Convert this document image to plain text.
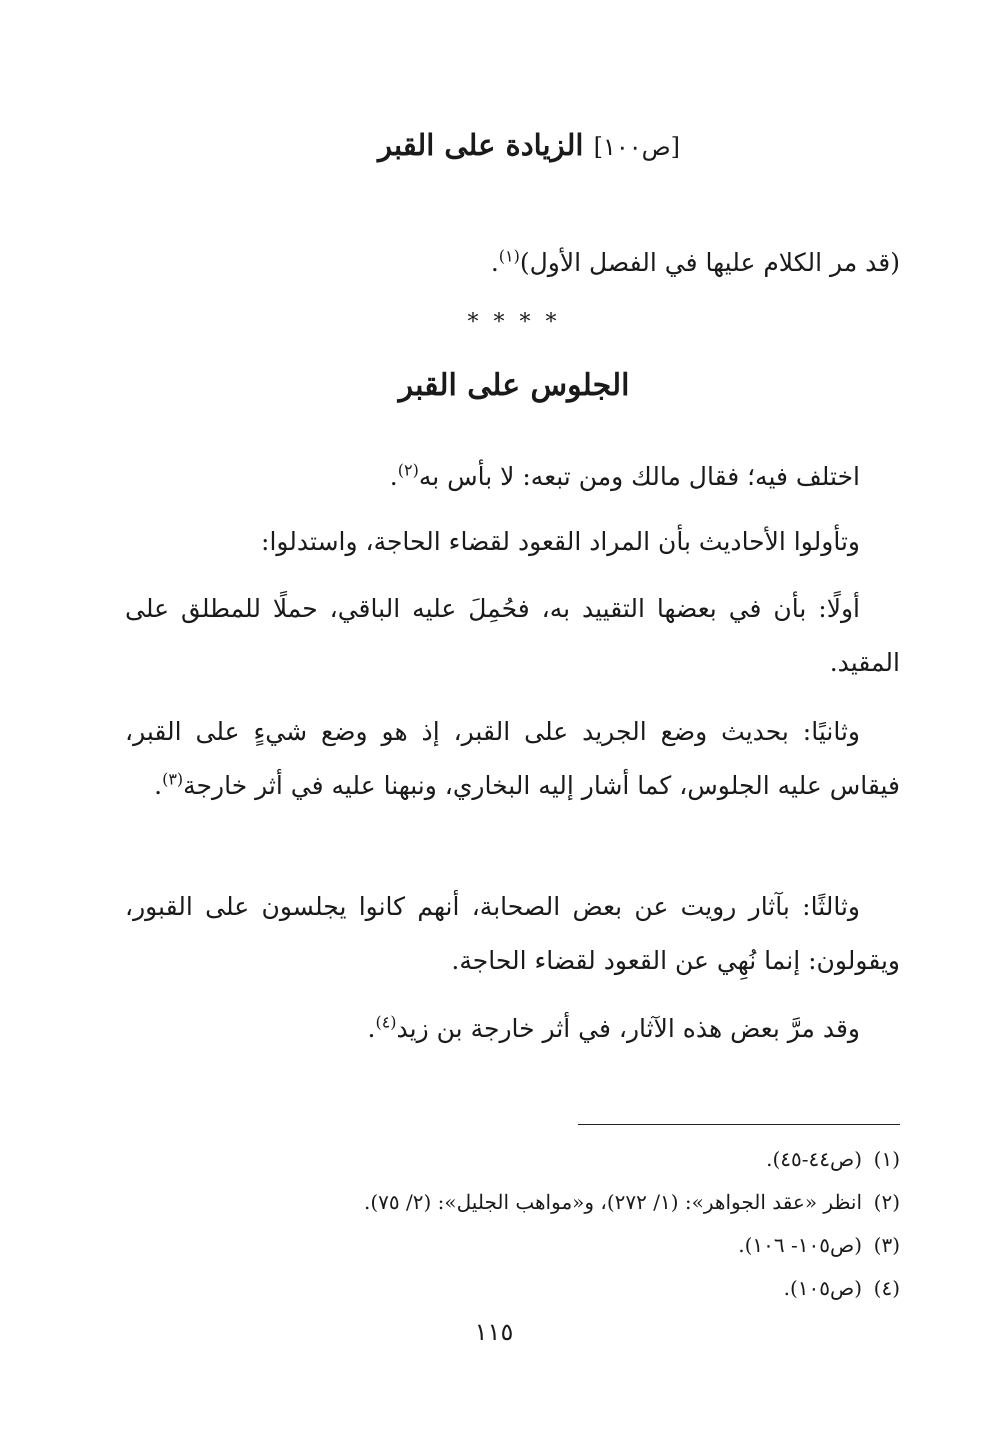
[ص١٠٠] الزيادة على القبر
(قد مر الكلام عليها في الفصل الأول)$^{(١)}$.
* * * *
الجلوس على القبر
اختلف فيه؛ فقال مالك ومن تبعه: لا بأس به$^{(٢)}$.
وتأولوا الأحاديث بأن المراد القعود لقضاء الحاجة، واستدلوا:
أولًا: بأن في بعضها التقييد به، فحُمِلَ عليه الباقي، حملًا للمطلق على المقيد.
وثانيًا: بحديث وضع الجريد على القبر، إذ هو وضع شيءٍ على القبر، فيقاس عليه الجلوس، كما أشار إليه البخاري، ونبهنا عليه في أثر خارجة$^{(٣)}$.
وثالثًا: بآثار رويت عن بعض الصحابة، أنهم كانوا يجلسون على القبور، ويقولون: إنما نُهِي عن القعود لقضاء الحاجة.
وقد مرَّ بعض هذه الآثار، في أثر خارجة بن زيد$^{(٤)}$.
(١)(ص٤٤-٤٥).
(٢)انظر «عقد الجواهر»: (١/ ٢٧٢)، و«مواهب الجليل»: (٢/ ٧٥).
(٣)(ص١٠٥- ١٠٦).
(٤)(ص١٠٥).
١١٥
